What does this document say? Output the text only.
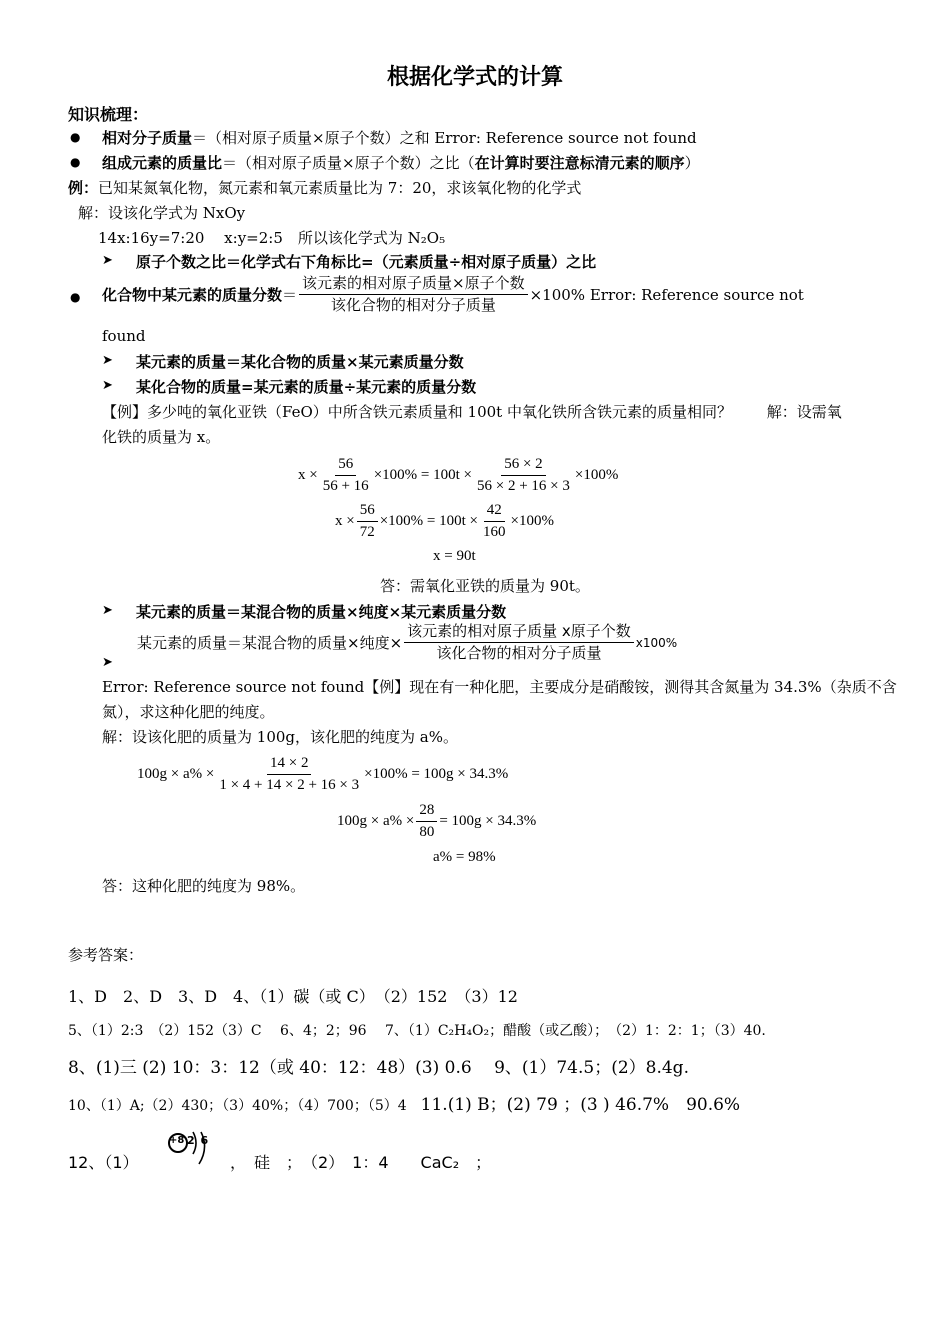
根据化学式的计算
知识梳理：
● 相对分子质量＝（相对原子质量×原子个数）之和 Error: Reference source not found
● 组成元素的质量比＝（相对原子质量×原子个数）之比（在计算时要注意标清元素的顺序）
例：已知某氮氧化物，氮元素和氧元素质量比为 7：20，求该氧化物的化学式
解：设该化学式为 NxOy
14x:16y=7:20　 x:y=2:5　所以该化学式为 N₂O₅
➤ 原子个数之比＝化学式右下角标比=（元素质量÷相对原子质量）之比
● 化合物中某元素的质量分数 ＝ $\frac{\text{该元素的相对原子质量×原子个数}}{\text{该化合物的相对分子质量}} \times 100\%$ Error: Reference source not
found
➤ 某元素的质量＝某化合物的质量×某元素质量分数
➤ 某化合物的质量=某元素的质量÷某元素的质量分数
【例】多少吨的氧化亚铁（FeO）中所含铁元素质量和 100t 中氧化铁所含铁元素的质量相同？　　 解：设需氧
化铁的质量为 x。
$x \times \frac{56}{56 + 16} \times 100\% = 100t \times \frac{56 \times 2}{56 \times 2 + 16 \times 3} \times 100\%$
$x \times \frac{56}{72} \times 100\% = 100t \times \frac{42}{160} \times 100\%$
x = 90t
答：需氧化亚铁的质量为 90t。
➤ 某元素的质量＝某混合物的质量×纯度×某元素质量分数
某元素的质量＝某混合物的质量×纯度× $\frac{\text{该元素的相对原子质量 x原子个数}}{\text{该化合物的相对分子质量}} x100\%$
➤
Error: Reference source not found【例】现在有一种化肥，主要成分是硝酸铵，测得其含氮量为 34.3%（杂质不含
氮），求这种化肥的纯度。
解：设该化肥的质量为 100g，该化肥的纯度为 a%。
$100g \times a\% \times \frac{14 \times 2}{1 \times 4 + 14 \times 2 + 16 \times 3} \times 100\% = 100g \times 34.3\%$
$100g \times a\% \times \frac{28}{80} = 100g \times 34.3\%$
a% = 98%
答：这种化肥的纯度为 98%。
参考答案：
1、D　2、D　3、D　4、（1）碳（或 C）　（2）152　（3）12
5、（1）2:3　（2）152（3）C　 6、4；2；96　 7、（1）C₂H₄O₂；醋酸（或乙酸）；　（2）1：2：1；（3）40.
8、(1)三 (2) 10：3：12（或 40：12：48）(3) 0.6　 9、(1）74.5；(2）8.4g.
10、（1）A;（2）430；（3）40%；（4）700；（5）4 11.(1) B；(2) 79 ；(3 ) 46.7%　90.6%
12、（1）
+8 2 6
，　硅　；　（2）　1：4　　CaC₂　；
